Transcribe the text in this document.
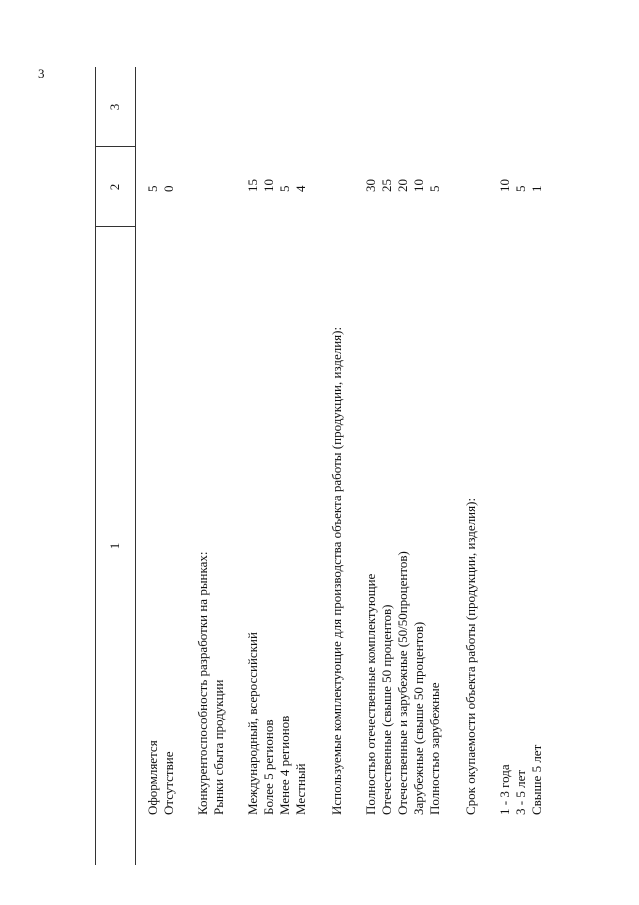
3
1
2
3
Оформляется
5
Отсутствие
0
Конкурентоспособность разработки на рынках: Рынки сбыта продукции Международный, всероссийский
15
Более 5 регионов
10
Менее 4 регионов
5
Местный
4
Используемые комплектующие для производства объекта работы (продукции, изделия): Полностью отечественные комплектующие
30
Отечественные (свыше 50 процентов)
25
Отечественные и зарубежные (50/50процентов)
20
Зарубежные (свыше 50 процентов)
10
Полностью зарубежные
5
Срок окупаемости объекта работы (продукции, изделия): 1 - 3 года
10
3 - 5 лет
5
Свыше 5 лет
1
